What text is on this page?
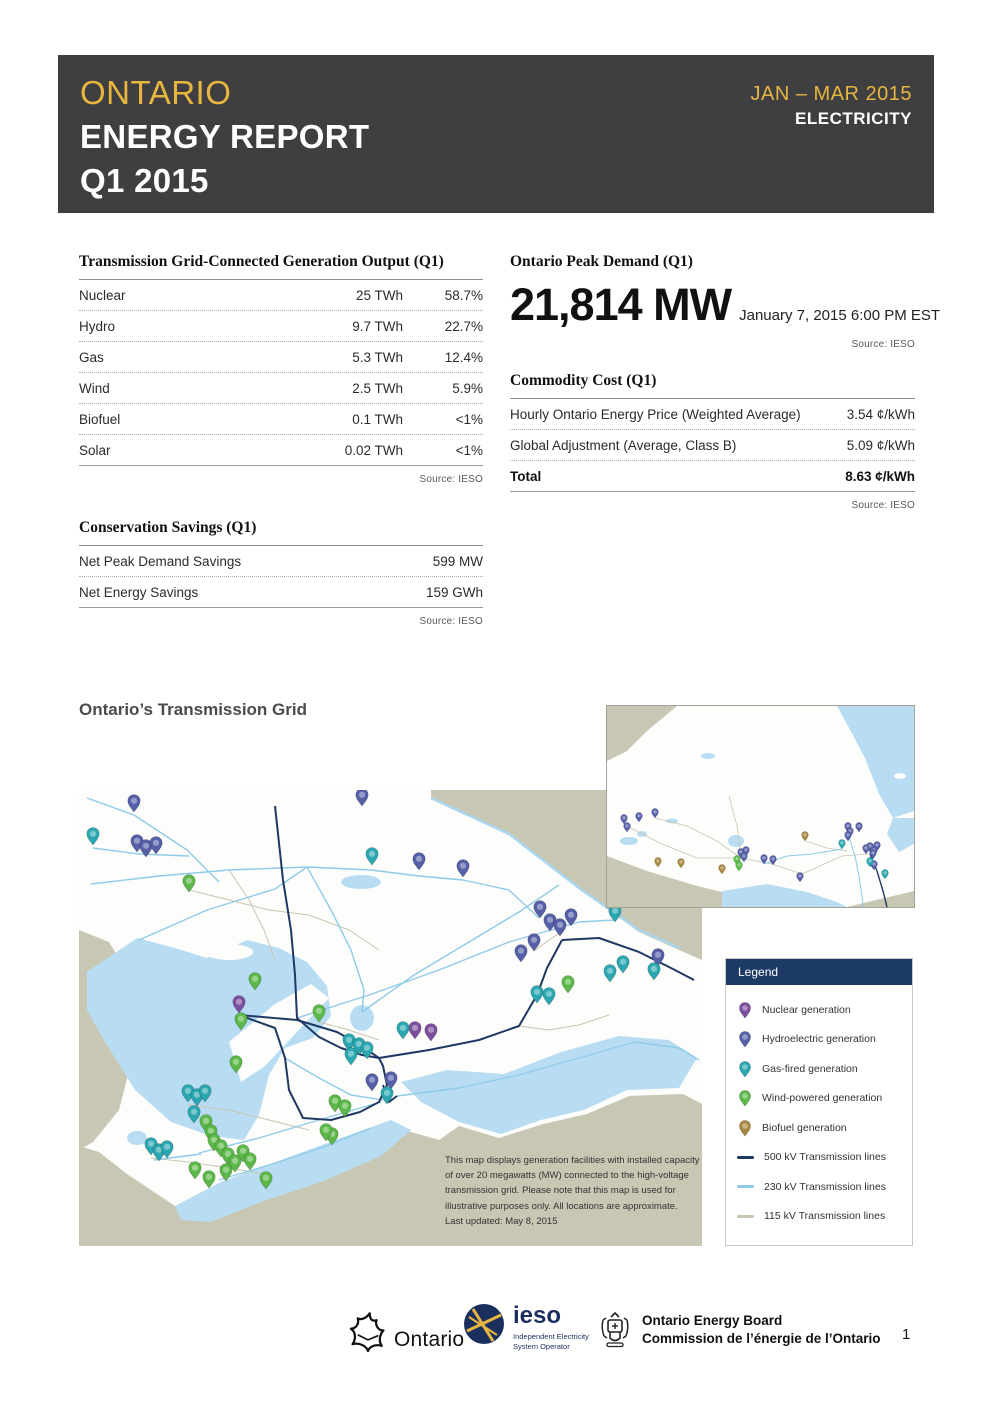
ONTARIO
ENERGY REPORT
Q1 2015
JAN – MAR 2015
ELECTRICITY
Transmission Grid-Connected Generation Output (Q1)
Nuclear	25 TWh	58.7%
Hydro	9.7 TWh	22.7%
Gas	5.3 TWh	12.4%
Wind	2.5 TWh	5.9%
Biofuel	0.1 TWh	<1%
Solar	0.02 TWh	<1%
Source: IESO
Conservation Savings (Q1)
Net Peak Demand Savings	599 MW
Net Energy Savings	159 GWh
Source: IESO
Ontario Peak Demand (Q1)
21,814 MW January 7, 2015 6:00 PM EST
Source: IESO
Commodity Cost (Q1)
Hourly Ontario Energy Price (Weighted Average)	3.54 ¢/kWh
Global Adjustment (Average, Class B)	5.09 ¢/kWh
Total	8.63 ¢/kWh
Source: IESO
Ontario’s Transmission Grid
This map displays generation facilities with installed capacity of over 20 megawatts (MW) connected to the high-voltage transmission grid. Please note that this map is used for illustrative purposes only. All locations are approximate.
Last updated: May 8, 2015
Legend
Nuclear generation
Hydroelectric generation
Gas-fired generation
Wind-powered generation
Biofuel generation
500 kV Transmission lines
230 kV Transmission lines
115 kV Transmission lines
Ontario
ieso
Independent Electricity
System Operator
Ontario Energy Board
Commission de l’énergie de l’Ontario 1
